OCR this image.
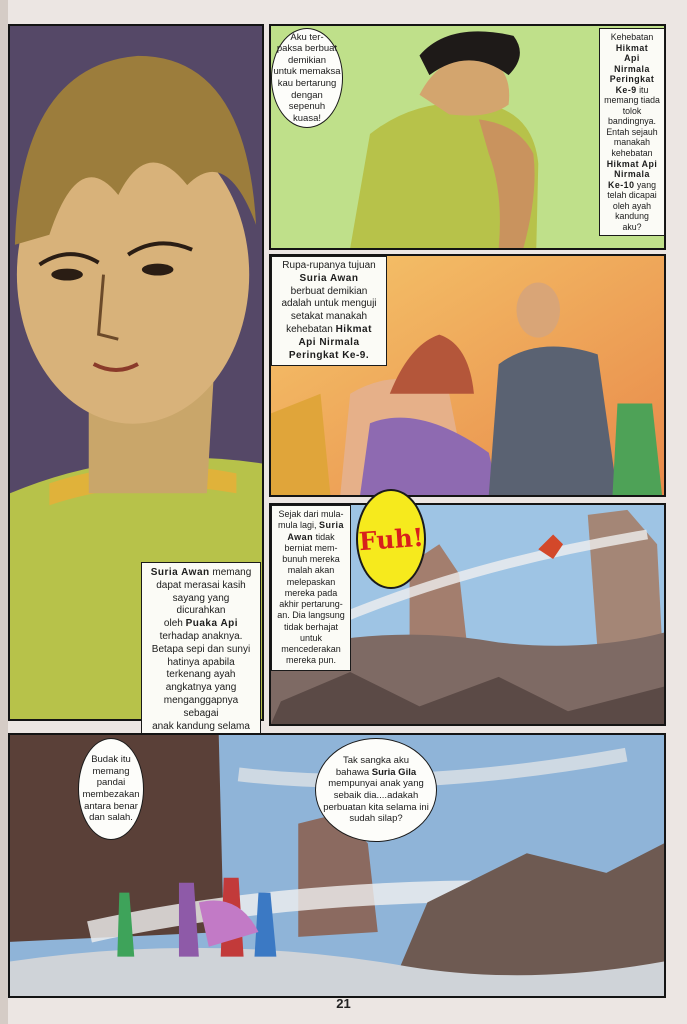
Suria Awan memang
dapat merasai kasih
sayang yang dicurahkan
oleh Puaka Api
terhadap anaknya.
Betapa sepi dan sunyi
hatinya apabila
terkenang ayah
angkatnya yang
menganggapnya sebagai
anak kandung selama
Aku ter-
paksa berbuat
demikian
untuk memaksa
kau bertarung
dengan
sepenuh
kuasa!
Kehebatan
Hikmat
Api
Nirmala
Peringkat
Ke-9 itu
memang tiada
tolok
bandingnya.
Entah sejauh
manakah
kehebatan
Hikmat Api
Nirmala
Ke-10 yang
telah dicapai
oleh ayah
kandung
aku?
Rupa-rupanya tujuan
Suria Awan
berbuat demikian
adalah untuk menguji
setakat manakah
kehebatan Hikmat
Api Nirmala
Peringkat Ke-9.
Sejak dari mula-
mula lagi, Suria
Awan tidak
berniat mem-
bunuh mereka
malah akan
melepaskan
mereka pada
akhir pertarung-
an. Dia langsung
tidak berhajat
untuk
mencederakan
mereka pun.
Fuh!
Budak itu
memang
pandai
membezakan
antara benar
dan salah.
Tak sangka aku
bahawa Suria Gila
mempunyai anak yang
sebaik dia....adakah
perbuatan kita selama ini
sudah silap?
21
